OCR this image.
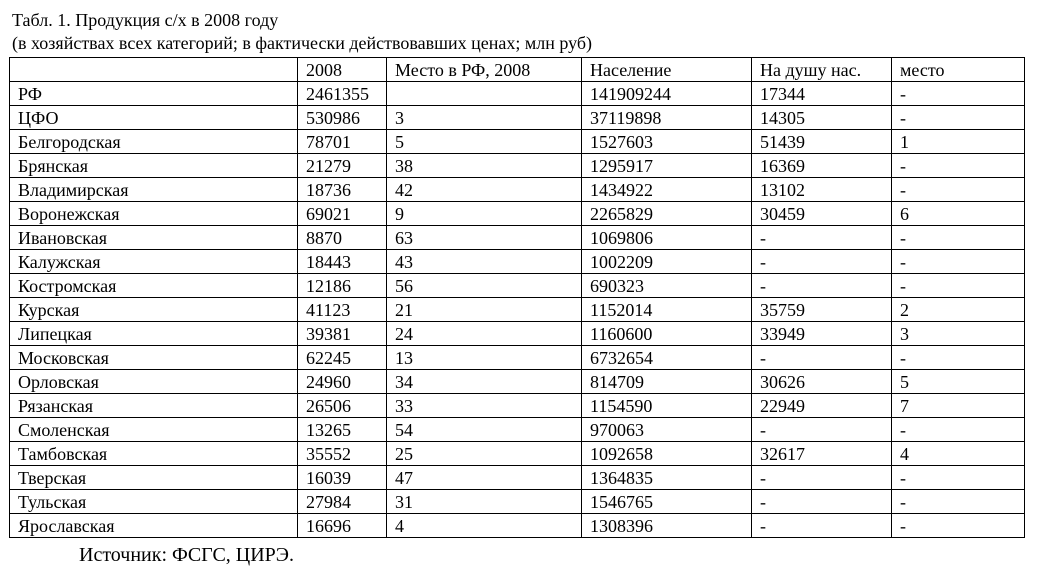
Табл. 1. Продукция с/х в 2008 году
(в хозяйствах всех категорий; в фактически действовавших ценах; млн руб)
	2008	Место в РФ, 2008	Население	На душу нас.	место
РФ	2461355		141909244	17344	-
ЦФО	530986	3	37119898	14305	-
Белгородская	78701	5	1527603	51439	1
Брянская	21279	38	1295917	16369	-
Владимирская	18736	42	1434922	13102	-
Воронежская	69021	9	2265829	30459	6
Ивановская	8870	63	1069806	-	-
Калужская	18443	43	1002209	-	-
Костромская	12186	56	690323	-	-
Курская	41123	21	1152014	35759	2
Липецкая	39381	24	1160600	33949	3
Московская	62245	13	6732654	-	-
Орловская	24960	34	814709	30626	5
Рязанская	26506	33	1154590	22949	7
Смоленская	13265	54	970063	-	-
Тамбовская	35552	25	1092658	32617	4
Тверская	16039	47	1364835	-	-
Тульская	27984	31	1546765	-	-
Ярославская	16696	4	1308396	-	-
Источник: ФСГС, ЦИРЭ.
